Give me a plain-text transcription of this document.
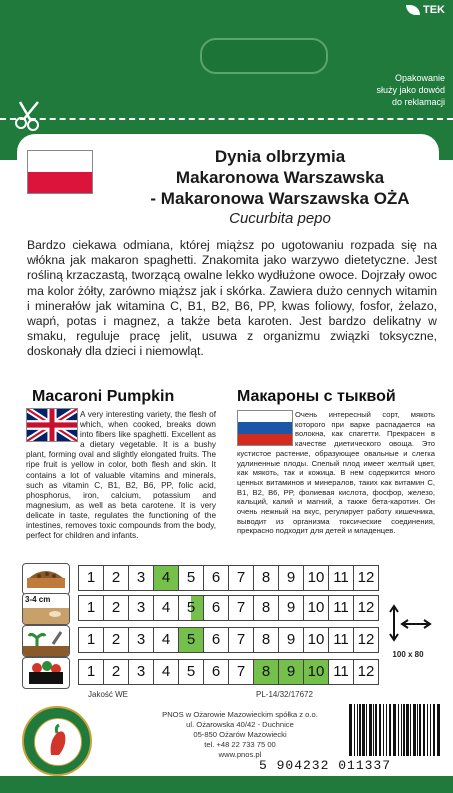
TEK
Opakowanie
służy jako dowód
do reklamacji
Dynia olbrzymia
Makaronowa Warszawska
- Makaronowa Warszawska OŻA
Cucurbita pepo
Bardzo ciekawa odmiana, której miąższ po ugotowaniu rozpada się na włókna jak makaron spaghetti. Znakomita jako warzywo dietetyczne. Jest rośliną krzaczastą, tworzącą owalne lekko wydłużone owoce. Dojrzały owoc ma kolor żółty, zarówno miąższ jak i skórka. Zawiera dużo cennych witamin i minerałów jak witamina C, B1, B2, B6, PP, kwas foliowy, fosfor, żelazo, wapń, potas i magnez, a także beta karoten. Jest bardzo delikatny w smaku, reguluje pracę jelit, usuwa z organizmu związki toksyczne, doskonały dla dzieci i niemowląt.
Macaroni Pumpkin	Макароны с тыквой
A very interesting variety, the flesh of which, when cooked, breaks down into fibers like spaghetti. Excellent as a dietary vegetable. It is a bushy plant, forming oval and slightly elongated fruits. The ripe fruit is yellow in color, both flesh and skin. It contains a lot of valuable vitamins and minerals, such as vitamin C, B1, B2, B6, PP, folic acid, phosphorus, iron, calcium, potassium and magnesium, as well as beta carotene. It is very delicate in taste, regulates the functioning of the intestines, removes toxic compounds from the body, perfect for children and infants.
Очень интересный сорт, мякоть которого при варке распадается на волокна, как спагетти. Прекрасен в качестве диетического овоща. Это кустистое растение, образующее овальные и слегка удлиненные плоды. Спелый плод имеет желтый цвет, как мякоть, так и кожица. В нем содержится много ценных витаминов и минералов, таких как витамин C, B1, B2, B6, PP, фолиевая кислота, фосфор, железо, кальций, калий и магний, а также бета-каротин. Он очень нежный на вкус, регулирует работу кишечника, выводит из организма токсические соединения, прекрасно подходит для детей и младенцев.
1	2	3	4	5	6	7	8	9 10 11 12
3-4 cm	1	2	3	4	5	6	7	8	9 10 11 12
1	2	3	4	5	6	7	8	9 10 11 12
1	2	3	4	5	6	7	8	9 10 11 12
100 x 80
Jakość WE	PL-14/32/17672
PNOS w Ożarowie Mazowieckim spółka z o.o.
ul. Ożarowska 40/42 - Duchnice
05-850 Ożarów Mazowiecki
tel. +48 22 733 75 00
www.pnos.pl
5 904232 011337
